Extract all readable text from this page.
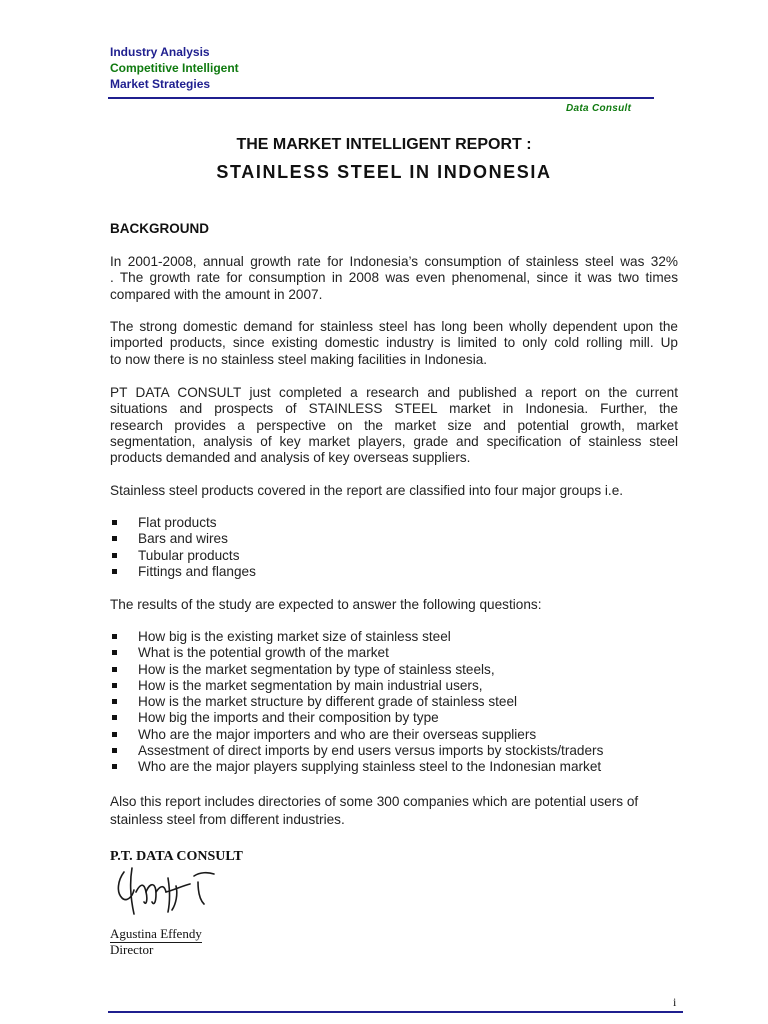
Industry Analysis
Competitive Intelligent
Market Strategies
Data Consult
THE MARKET INTELLIGENT REPORT :
STAINLESS STEEL IN INDONESIA
BACKGROUND
In 2001-2008, annual growth rate for Indonesia’s consumption of stainless steel was 32%
. The growth rate for consumption in 2008 was even phenomenal, since it was two times
compared with the amount in 2007.
The strong domestic demand for stainless steel has long been wholly dependent upon the
imported products, since existing domestic industry is limited to only cold rolling mill. Up
to now there is no stainless steel making facilities in Indonesia.
PT DATA CONSULT just completed a research and published a report on the current
situations and prospects of STAINLESS STEEL market in Indonesia. Further, the
research provides a perspective on the market size and potential growth, market
segmentation, analysis of key market players, grade and specification of stainless steel
products demanded and analysis of key overseas suppliers.
Stainless steel products covered in the report are classified into four major groups i.e.
Flat products
Bars and wires
Tubular products
Fittings and flanges
The results of the study are expected to answer the following questions:
How big is the existing market size of stainless steel
What is the potential growth of the market
How is the market segmentation by type of stainless steels,
How is the market segmentation by main industrial users,
How is the market structure by different grade of stainless steel
How big the imports and their composition by type
Who are the major importers and who are their overseas suppliers
Assestment of direct imports by end users versus imports by stockists/traders
Who are the major players supplying stainless steel to the Indonesian market
Also this report includes directories of some 300 companies which are potential users of
stainless steel from different industries.
P.T. DATA CONSULT
Agustina Effendy
Director
i
